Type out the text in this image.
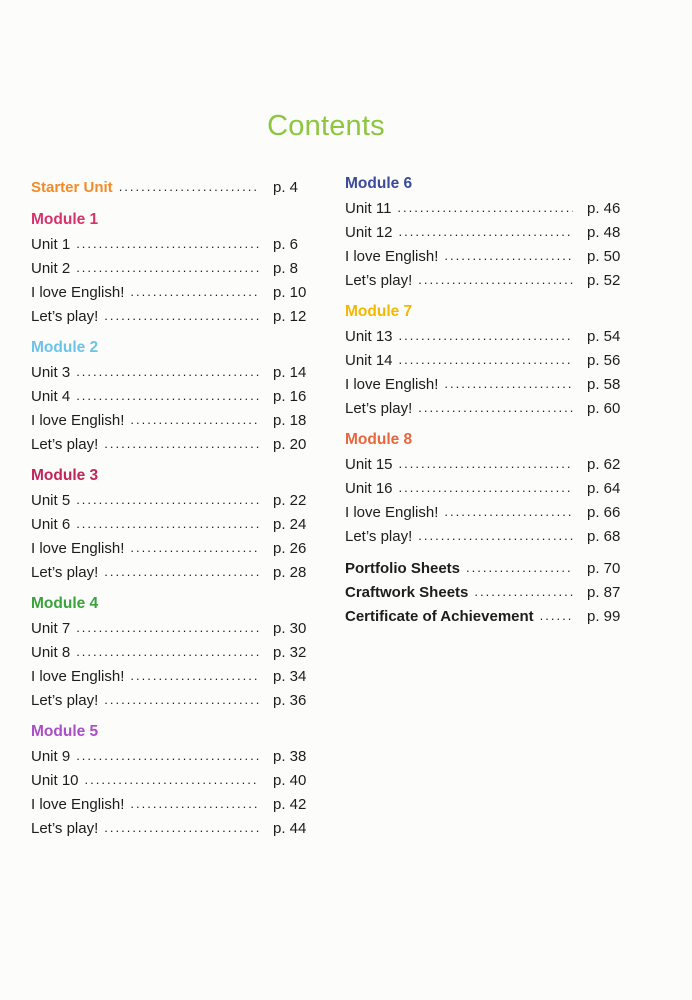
Contents
Starter Unit .....	p. 4
Module 1
Unit 1 .....	p. 6
Unit 2 .....	p. 8
I love English! .....	p. 10
Let’s play! .....	p. 12
Module 2
Unit 3 .....	p. 14
Unit 4 .....	p. 16
I love English! .....	p. 18
Let’s play! .....	p. 20
Module 3
Unit 5 .....	p. 22
Unit 6 .....	p. 24
I love English! .....	p. 26
Let’s play! .....	p. 28
Module 4
Unit 7 .....	p. 30
Unit 8 .....	p. 32
I love English! .....	p. 34
Let’s play! .....	p. 36
Module 5
Unit 9 .....	p. 38
Unit 10 .....	p. 40
I love English! .....	p. 42
Let’s play! .....	p. 44
Module 6
Unit 11 .....	p. 46
Unit 12 .....	p. 48
I love English! .....	p. 50
Let’s play! .....	p. 52
Module 7
Unit 13 .....	p. 54
Unit 14 .....	p. 56
I love English! .....	p. 58
Let’s play! .....	p. 60
Module 8
Unit 15 .....	p. 62
Unit 16 .....	p. 64
I love English! .....	p. 66
Let’s play! .....	p. 68
Portfolio Sheets .....	p. 70
Craftwork Sheets .....	p. 87
Certificate of Achievement .....	p. 99
